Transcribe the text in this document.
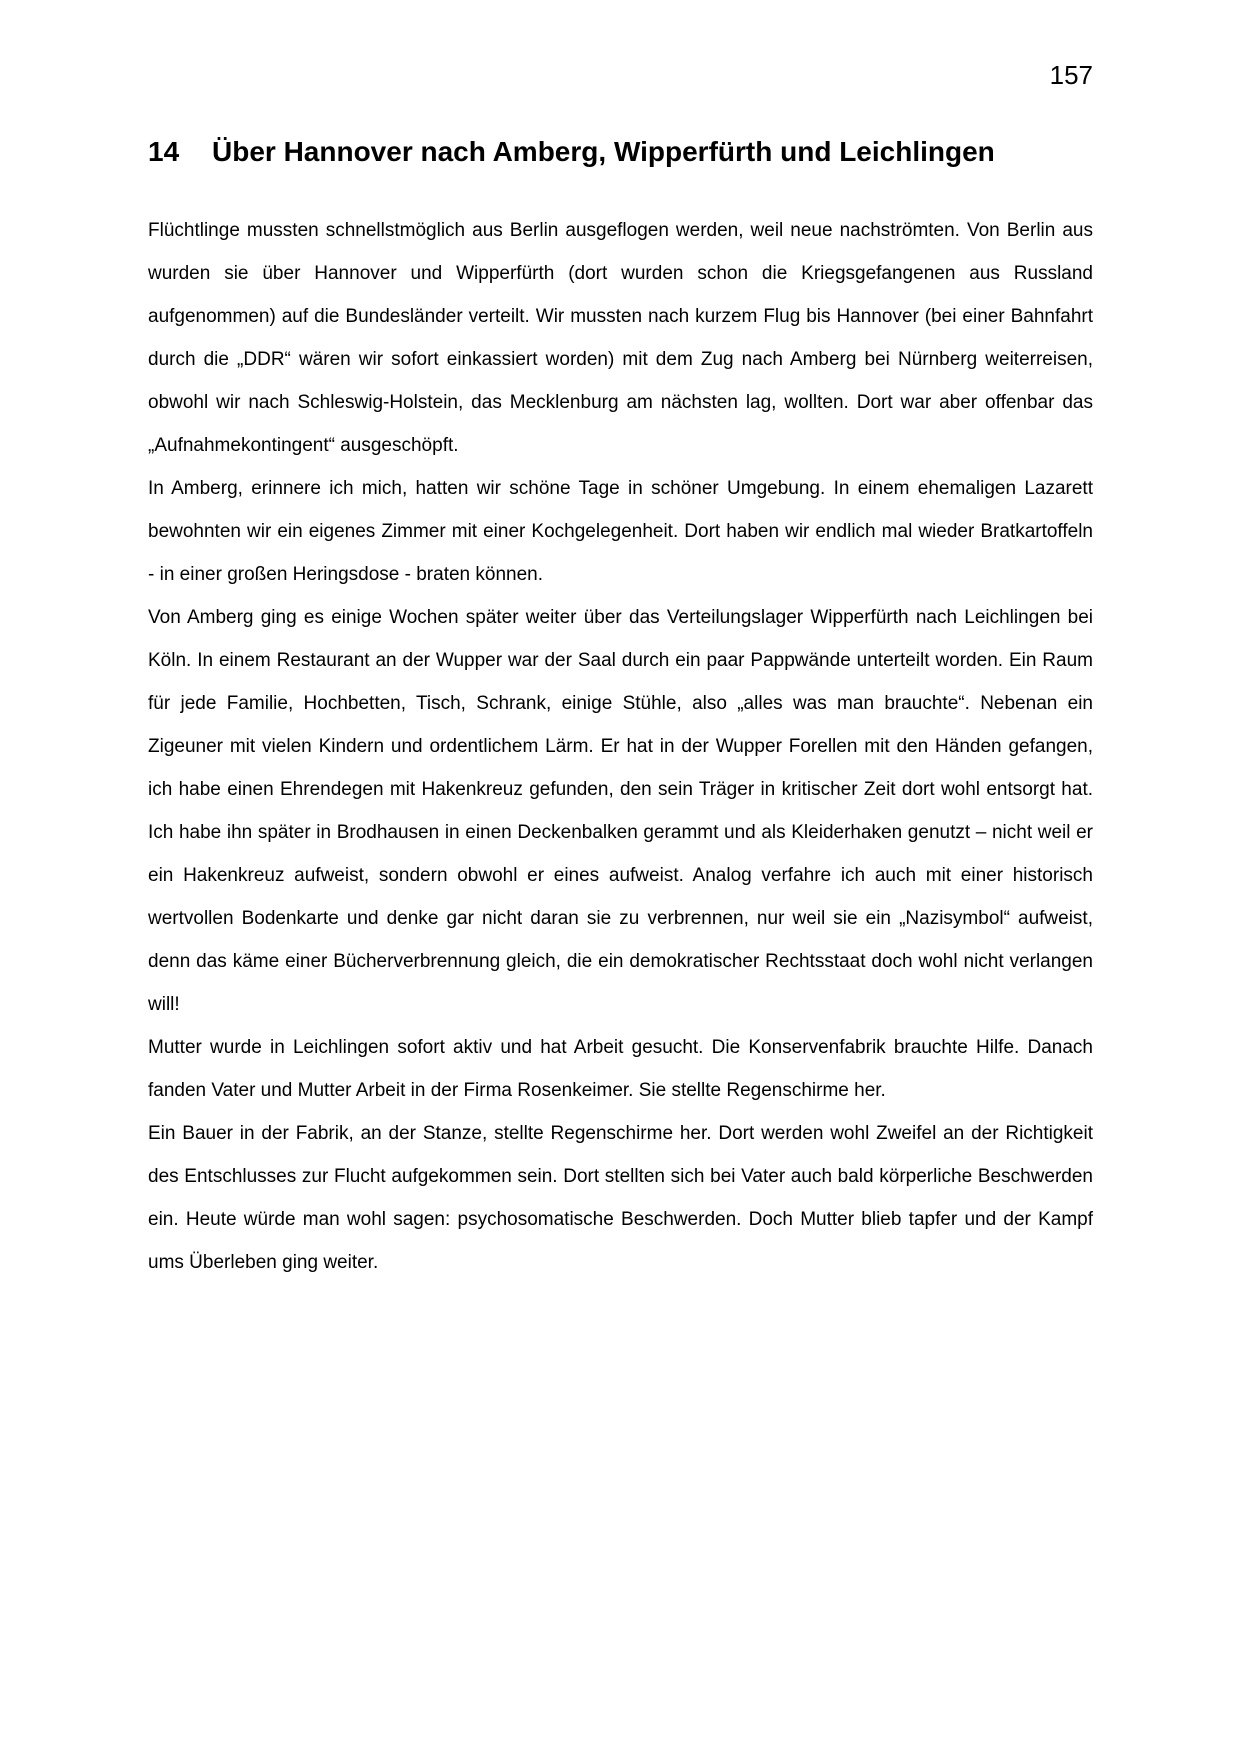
157
14 Über Hannover nach Amberg, Wipperfürth und Leichlingen

Flüchtlinge mussten schnellstmöglich aus Berlin ausgeflogen werden, weil neue nachströmten. Von Berlin aus wurden sie über Hannover und Wipperfürth (dort wurden schon die Kriegsgefangenen aus Russland aufgenommen) auf die Bundesländer verteilt. Wir mussten nach kurzem Flug bis Hannover (bei einer Bahnfahrt durch die „DDR“ wären wir sofort einkassiert worden) mit dem Zug nach Amberg bei Nürnberg weiterreisen, obwohl wir nach Schleswig-Holstein, das Mecklenburg am nächsten lag, wollten. Dort war aber offenbar das „Aufnahmekontingent“ ausgeschöpft.

In Amberg, erinnere ich mich, hatten wir schöne Tage in schöner Umgebung. In einem ehemaligen Lazarett bewohnten wir ein eigenes Zimmer mit einer Kochgelegenheit. Dort haben wir endlich mal wieder Bratkartoffeln - in einer großen Heringsdose - braten können.

Von Amberg ging es einige Wochen später weiter über das Verteilungslager Wipperfürth nach Leichlingen bei Köln. In einem Restaurant an der Wupper war der Saal durch ein paar Pappwände unterteilt worden. Ein Raum für jede Familie, Hochbetten, Tisch, Schrank, einige Stühle, also „alles was man brauchte“. Nebenan ein Zigeuner mit vielen Kindern und ordentlichem Lärm. Er hat in der Wupper Forellen mit den Händen gefangen, ich habe einen Ehrendegen mit Hakenkreuz gefunden, den sein Träger in kritischer Zeit dort wohl entsorgt hat. Ich habe ihn später in Brodhausen in einen Deckenbalken gerammt und als Kleiderhaken genutzt – nicht weil er ein Hakenkreuz aufweist, sondern obwohl er eines aufweist. Analog verfahre ich auch mit einer historisch wertvollen Bodenkarte und denke gar nicht daran sie zu verbrennen, nur weil sie ein „Nazisymbol“ aufweist, denn das käme einer Bücherverbrennung gleich, die ein demokratischer Rechtsstaat doch wohl nicht verlangen will!

Mutter wurde in Leichlingen sofort aktiv und hat Arbeit gesucht. Die Konservenfabrik brauchte Hilfe. Danach fanden Vater und Mutter Arbeit in der Firma Rosenkeimer. Sie stellte Regenschirme her.

Ein Bauer in der Fabrik, an der Stanze, stellte Regenschirme her. Dort werden wohl Zweifel an der Richtigkeit des Entschlusses zur Flucht aufgekommen sein. Dort stellten sich bei Vater auch bald körperliche Beschwerden ein. Heute würde man wohl sagen: psychosomatische Beschwerden. Doch Mutter blieb tapfer und der Kampf ums Überleben ging weiter.
